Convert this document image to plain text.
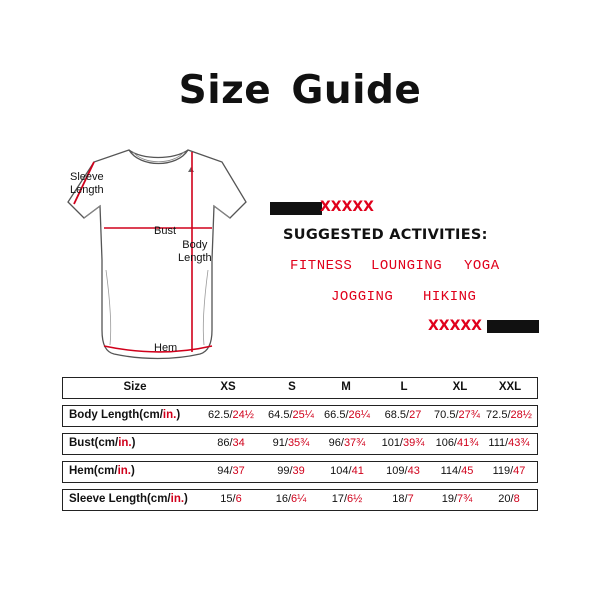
Size Guide
Sleeve
Length
Bust
Body
Length
Hem
XXXXX
SUGGESTED ACTIVITIES:
FITNESS LOUNGING YOGA
JOGGING HIKING
XXXXX
Size	XS	S	M	L	XL	XXL
Body Length(cm/in.)	62.5/24½	64.5/25¼ 66.5/26¼	68.5/27	70.5/27¾ 72.5/28½
Bust(cm/in.)	86/34	91/35¾	96/37¾	101/39¾	106/41¾ 111/43¾
Hem(cm/in.)	94/37	99/39	104/41	109/43	114/45	119/47
Sleeve Length(cm/in.)	15/6	16/6¼	17/6½	18/7	19/7¾	20/8
